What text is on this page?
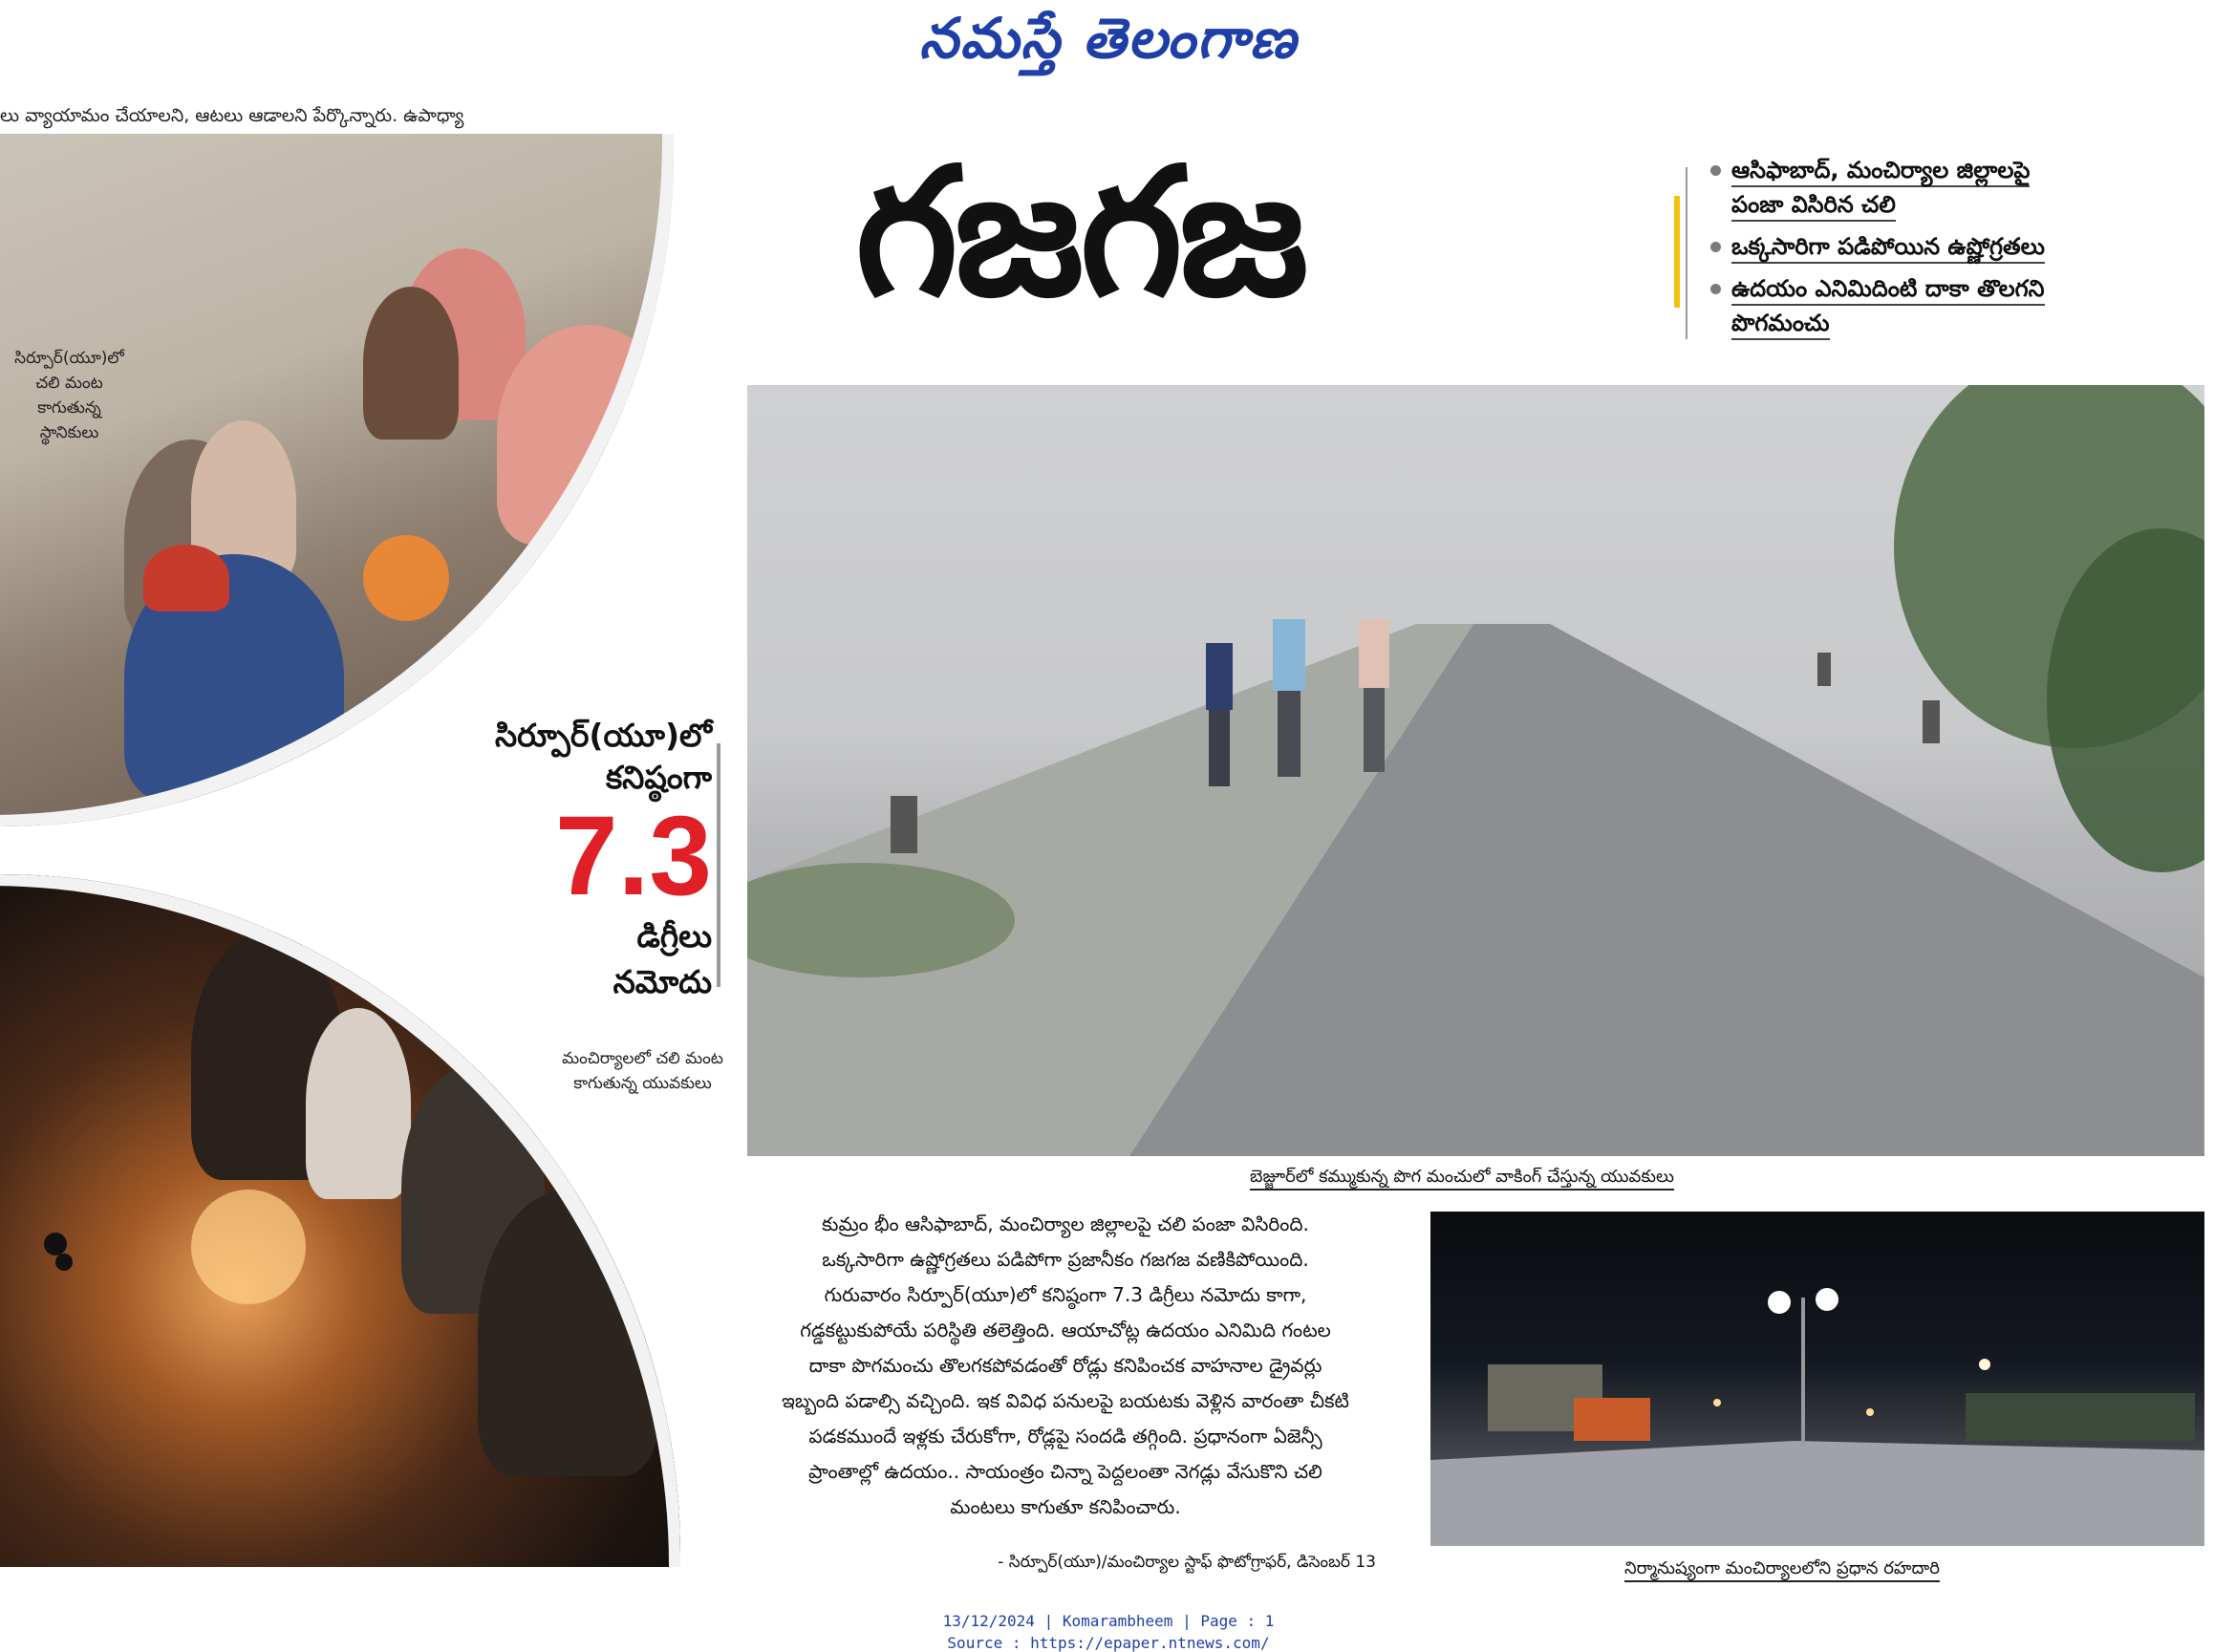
నమస్తే తెలంగాణ
లు వ్యాయామం చేయాలని, ఆటలు ఆడాలని పేర్కొన్నారు. ఉపాధ్యా
సిర్పూర్(యూ)లో
చలి మంట
కాగుతున్న
స్థానికులు
సిర్పూర్(యూ)లో
కనిష్ఠంగా
7.3
డిగ్రీలు
నమోదు
మంచిర్యాలలో చలి మంట
కాగుతున్న యువకులు
గజగజ	ఆసిఫాబాద్, మంచిర్యాల జిల్లాలపై
పంజా విసిరిన చలి
ఒక్కసారిగా పడిపోయిన ఉష్ణోగ్రతలు
ఉదయం ఎనిమిదింటి దాకా తొలగని
పొగమంచు
బెజ్జూర్‌లో కమ్ముకున్న పొగ మంచులో వాకింగ్ చేస్తున్న యువకులు
కుమ్రం భీం ఆసిఫాబాద్, మంచిర్యాల జిల్లాలపై చలి పంజా విసిరింది.
ఒక్కసారిగా ఉష్ణోగ్రతలు పడిపోగా ప్రజానీకం గజగజ వణికిపోయింది.
గురువారం సిర్పూర్(యూ)లో కనిష్ఠంగా 7.3 డిగ్రీలు నమోదు కాగా,
గడ్డకట్టుకుపోయే పరిస్థితి తలెత్తింది. ఆయాచోట్ల ఉదయం ఎనిమిది గంటల
దాకా పొగమంచు తొలగకపోవడంతో రోడ్లు కనిపించక వాహనాల డ్రైవర్లు
ఇబ్బంది పడాల్సి వచ్చింది. ఇక వివిధ పనులపై బయటకు వెళ్లిన వారంతా చీకటి
పడకముందే ఇళ్లకు చేరుకోగా, రోడ్లపై సందడి తగ్గింది. ప్రధానంగా ఏజెన్సీ
ప్రాంతాల్లో ఉదయం.. సాయంత్రం చిన్నా పెద్దలంతా నెగడ్లు వేసుకొని చలి
మంటలు కాగుతూ కనిపించారు.
- సిర్పూర్(యూ)/మంచిర్యాల స్టాఫ్ ఫొటోగ్రాఫర్, డిసెంబర్ 13	నిర్మానుష్యంగా మంచిర్యాలలోని ప్రధాన రహదారి
13/12/2024 | Komarambheem | Page : 1
Source : https://epaper.ntnews.com/
